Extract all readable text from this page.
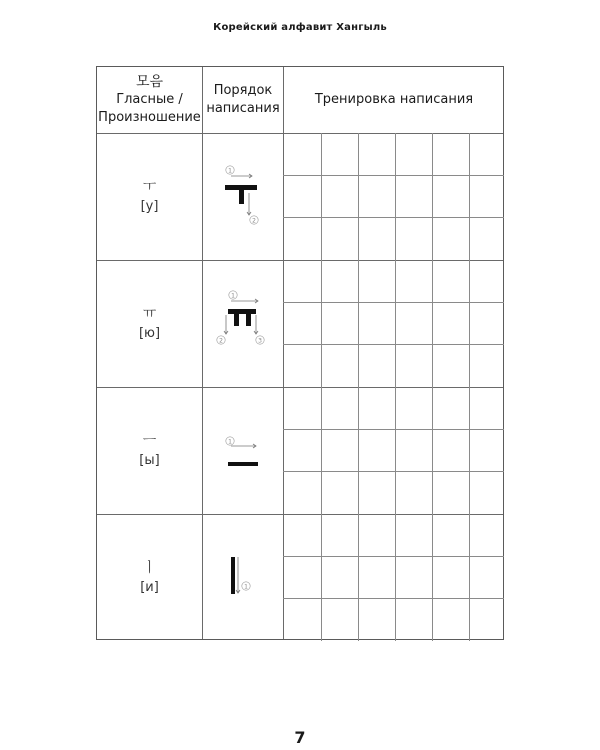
Корейский алфавит Хангыль
모음
Гласные /
Произношение
Порядок
написания
Тренировка написания
ㅜ
[у]
ㅠ
[ю]
ㅡ
[ы]
ㅣ
[и]
1
2
1
2	3
1
1
7
